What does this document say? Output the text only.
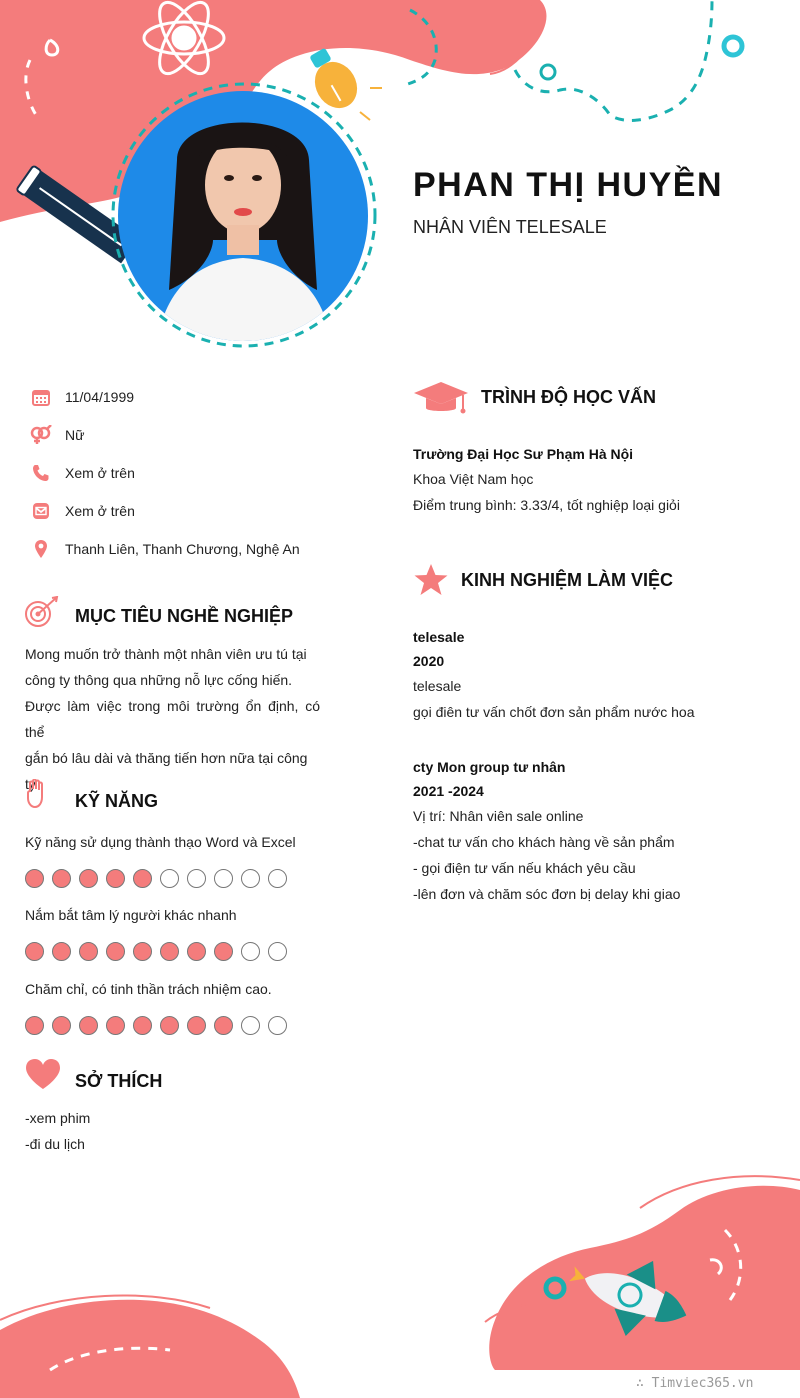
PHAN THỊ HUYỀN
NHÂN VIÊN TELESALE
11/04/1999
Nữ
Xem ở trên
Xem ở trên
Thanh Liên, Thanh Chương, Nghệ An
MỤC TIÊU NGHỀ NGHIỆP
Mong muốn trở thành một nhân viên ưu tú tại
công ty thông qua những nỗ lực cống hiến.
Được làm việc trong môi trường ổn định, có thể
gắn bó lâu dài và thăng tiến hơn nữa tại công
ty
KỸ NĂNG
Kỹ năng sử dụng thành thạo Word và Excel
Nắm bắt tâm lý người khác nhanh
Chăm chỉ, có tinh thần trách nhiệm cao.
SỞ THÍCH
-xem phim
-đi du lịch
TRÌNH ĐỘ HỌC VẤN
Trường Đại Học Sư Phạm Hà Nội
Khoa Việt Nam học
Điểm trung bình: 3.33/4, tốt nghiệp loại giỏi
KINH NGHIỆM LÀM VIỆC
telesale
2020
telesale
gọi điên tư vấn chốt đơn sản phẩm nước hoa
cty Mon group tư nhân
2021 -2024
Vị trí: Nhân viên sale online
-chat tư vấn cho khách hàng về sản phẩm
- gọi điện tư vấn nếu khách yêu cầu
-lên đơn và chăm sóc đơn bị delay khi giao
∴ Timviec365.vn
